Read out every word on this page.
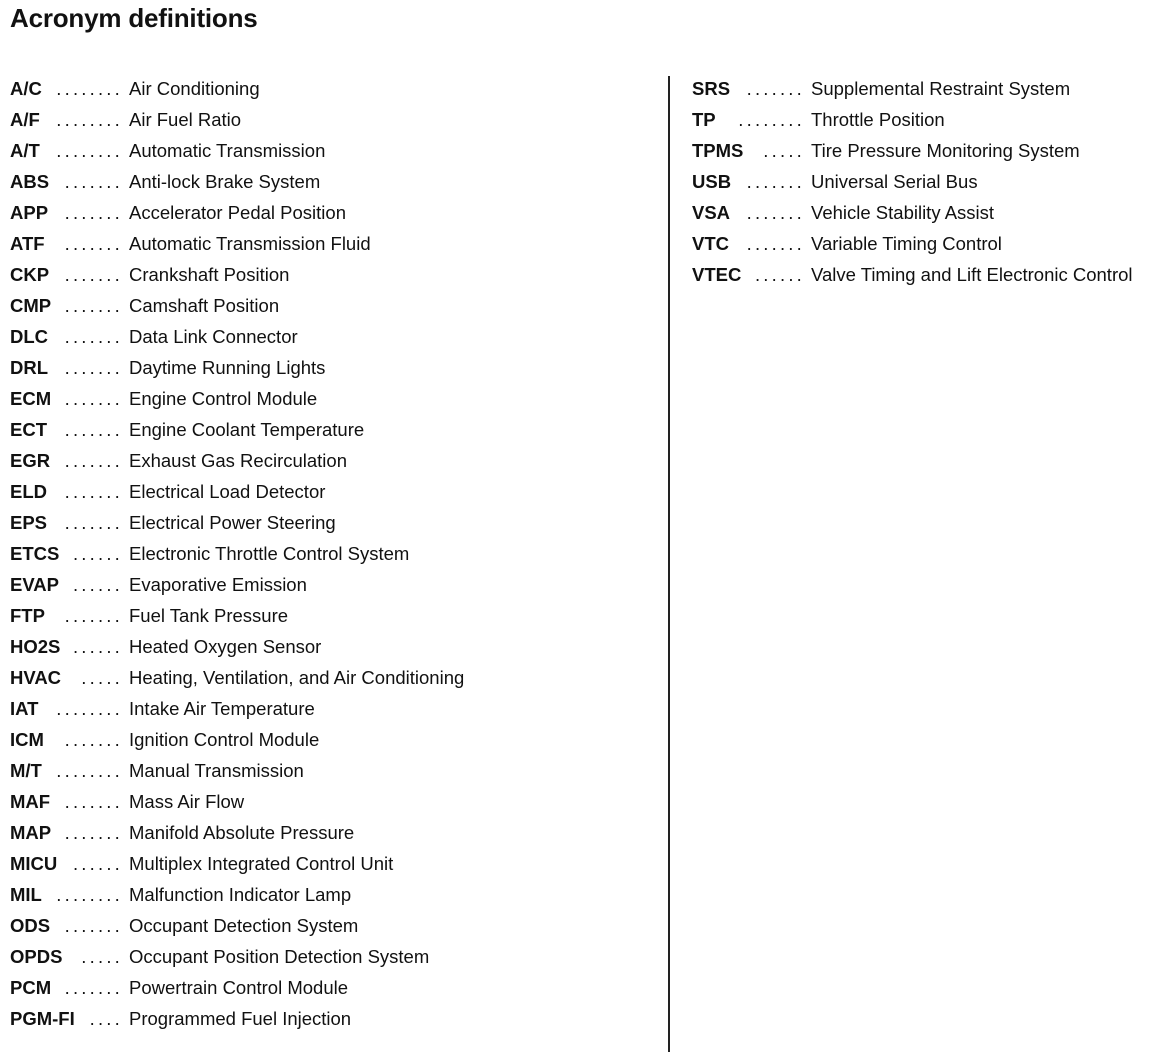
Acronym definitions
A/C ........ Air Conditioning
A/F ........ Air Fuel Ratio
A/T ........ Automatic Transmission
ABS ....... Anti-lock Brake System
APP ....... Accelerator Pedal Position
ATF ....... Automatic Transmission Fluid
CKP ....... Crankshaft Position
CMP ....... Camshaft Position
DLC ....... Data Link Connector
DRL ....... Daytime Running Lights
ECM ....... Engine Control Module
ECT ....... Engine Coolant Temperature
EGR ....... Exhaust Gas Recirculation
ELD ....... Electrical Load Detector
EPS ....... Electrical Power Steering
ETCS ...... Electronic Throttle Control System
EVAP ...... Evaporative Emission
FTP ....... Fuel Tank Pressure
HO2S ...... Heated Oxygen Sensor
HVAC ..... Heating, Ventilation, and Air Conditioning
IAT ........ Intake Air Temperature
ICM ....... Ignition Control Module
M/T ........ Manual Transmission
MAF ....... Mass Air Flow
MAP ....... Manifold Absolute Pressure
MICU ...... Multiplex Integrated Control Unit
MIL ........ Malfunction Indicator Lamp
ODS ....... Occupant Detection System
OPDS ..... Occupant Position Detection System
PCM ....... Powertrain Control Module
PGM-FI .... Programmed Fuel Injection
SRS ....... Supplemental Restraint System
TP ........ Throttle Position
TPMS ..... Tire Pressure Monitoring System
USB ....... Universal Serial Bus
VSA ....... Vehicle Stability Assist
VTC ....... Variable Timing Control
VTEC ...... Valve Timing and Lift Electronic Control
